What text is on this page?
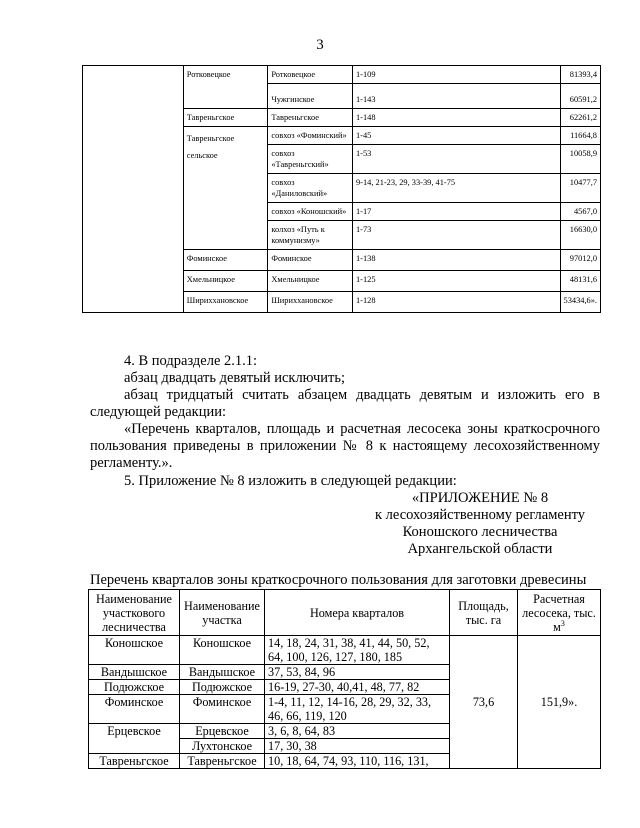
3
	Ротковецкое	Ротковецкое	1-109	81393,4
		Чужгинское	1-143	60591,2
	Тавреньгское	Тавреньгское	1-148	62261,2

	Тавреньгское сельское	совхоз «Фоминский»	1-45	11664,8
		совхоз «Тавреньгский»	1-53	10058,9
		совхоз «Даниловский»	9-14, 21-23, 29, 33-39, 41-75	10477,7
		совхоз «Коношский»	1-17	4567,0
		колхоз «Путь к коммунизму»	1-73	16630,0
	Фоминское	Фоминское	1-138	97012,0
	Хмельницкое	Хмельницкое	1-125	48131,6
	Шириххановское	Шириххановское	1-128	53434,6».
4. В подразделе 2.1.1:
абзац двадцать девятый исключить;
абзац тридцатый считать абзацем двадцать девятым и изложить его в следующей редакции:
«Перечень кварталов, площадь и расчетная лесосека зоны краткосрочного пользования приведены в приложении № 8 к настоящему лесохозяйственному регламенту.».
5. Приложение № 8 изложить в следующей редакции:
«ПРИЛОЖЕНИЕ № 8
к лесохозяйственному регламенту
Коношского лесничества
Архангельской области
Перечень кварталов зоны краткосрочного пользования для заготовки древесины
Наименование участкового лесничества	Наименование участка	Номера кварталов	Площадь, тыс. га	Расчетная лесосека, тыс. $м^3$
Коношское	Коношское	14, 18, 24, 31, 38, 41, 44, 50, 52, 64, 100, 126, 127, 180, 185	73,6	151,9».
Вандышское	Вандышское	37, 53, 84, 96		
Подюжское	Подюжское	16-19, 27-30, 40,41, 48, 77, 82		
Фоминское	Фоминское	1-4, 11, 12, 14-16, 28, 29, 32, 33, 46, 66, 119, 120		
Ерцевское	Ерцевское	3, 6, 8, 64, 83		
	Лухтонское	17, 30, 38		
Тавреньгское	Тавреньгское	10, 18, 64, 74, 93, 110, 116, 131,		
